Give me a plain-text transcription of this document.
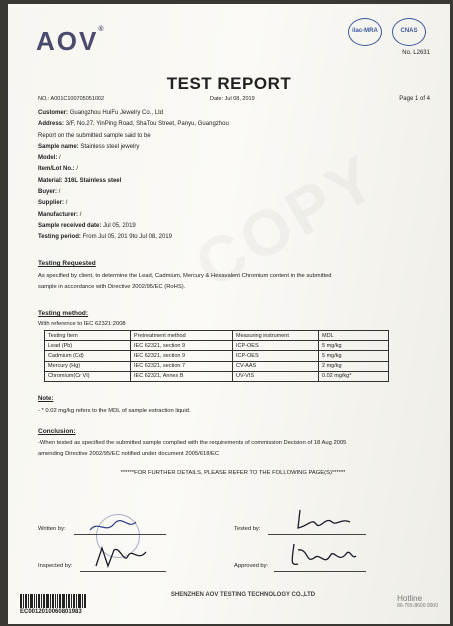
AOV®	ilac-MRA	CNAS
No. L2631
TEST REPORT
NO.: A001C100705051002	Date: Jul 08, 2019	Page 1 of 4
Customer: Guangzhou HuiFu Jewelry Co., Ltd
Address: 3/F, No.27, YinPing Road, ShaTou Street, Panyu, Guangzhou
Report on the submitted sample said to be
Sample name: Stainless steel jewelry
Model: /
Item/Lot No.: /
Material: 316L Stainless steel
Buyer: /
Supplier: /
Manufacturer: /
Sample received date: Jul 05, 2019
Testing period: From Jul 05, 201 9to Jul 08, 2019
Testing Requested
As specified by client, to determine the Lead, Cadmium, Mercury & Hexavalent Chromium content in the submitted
sample in accordance with Directive 2002/95/EC (RoHS).
Testing method:
With reference to IEC 62321:2008
Testing Item	Pretreatment method	Measuring instrument	MDL
Lead (Pb)	IEC 62321, section 9	ICP-OES	5 mg/kg
Cadmium (Cd)	IEC 62321, section 9	ICP-OES	5 mg/kg
Mercury (Hg)	IEC 62321, section 7	CV-AAS	2 mg/kg
Chromium(Cr VI)	IEC 62321, Annex B	UV-VIS	0.02 mg/kg*
Note:
- * 0.02 mg/kg refers to the MDL of sample extraction liquid.
Conclusion:
-When tested as specified the submitted sample complied with the requirements of commission Decision of 18 Aug 2005
amending Directive 2002/95/EC notified under document 2005/618/EC
******FOR FURTHER DETAILS, PLEASE REFER TO THE FOLLOWING PAGE(S)******
Written by:	Tested by:
Inspected by:	Approved by:
EC0012010060801983
SHENZHEN AOV TESTING TECHNOLOGY CO.,LTD	Hotline
86-755-8600 0000
